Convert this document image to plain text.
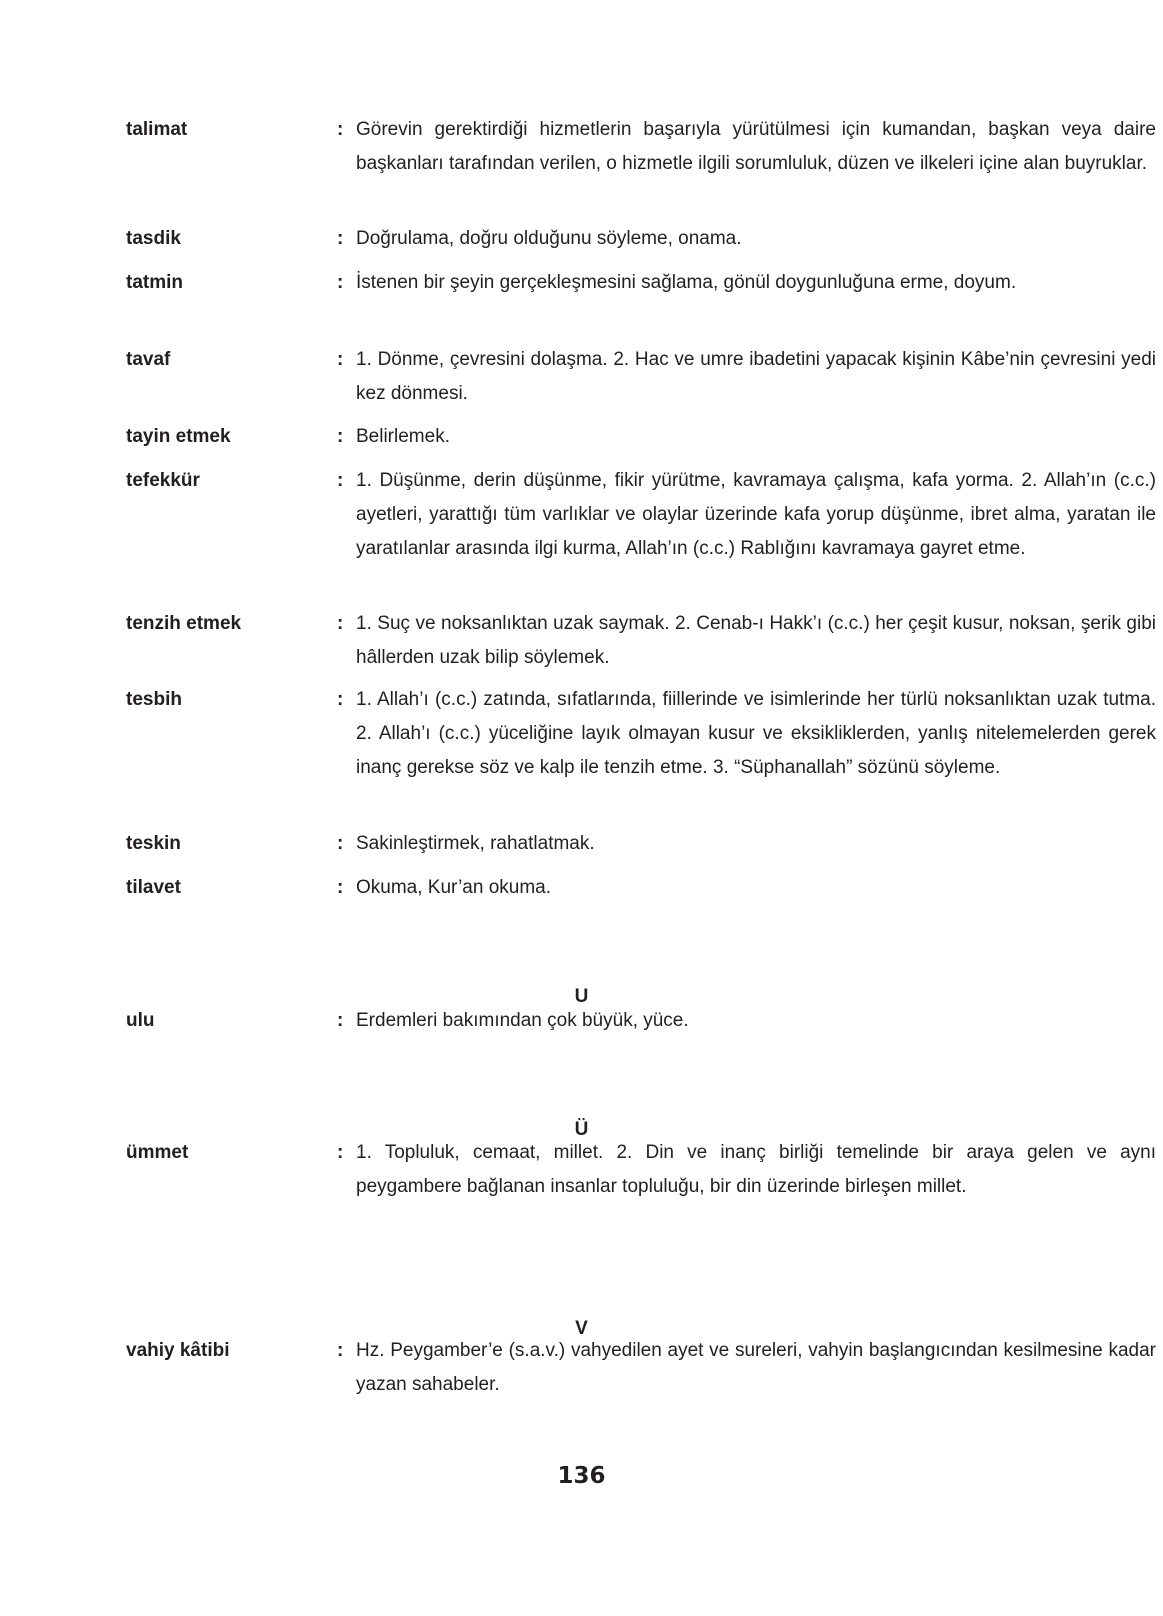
talimat	: Görevin gerektirdiği hizmetlerin başarıyla yürütülmesi için kumandan, başkan veya daire başkanları tarafından verilen, o hizmetle ilgili sorumluluk, düzen ve ilkeleri içine alan buyruklar.
tasdik	: Doğrulama, doğru olduğunu söyleme, onama.
tatmin	: İstenen bir şeyin gerçekleşmesini sağlama, gönül doygunluğuna erme, doyum.
tavaf	: 1. Dönme, çevresini dolaşma. 2. Hac ve umre ibadetini yapacak kişinin Kâbe’nin çevresini yedi kez dönmesi.
tayin etmek	: Belirlemek.
tefekkür	: 1. Düşünme, derin düşünme, fikir yürütme, kavramaya çalışma, kafa yorma. 2. Allah’ın (c.c.) ayetleri, yarattığı tüm varlıklar ve olaylar üzerinde kafa yorup düşünme, ibret alma, yaratan ile yaratılanlar arasında ilgi kurma, Allah’ın (c.c.) Rablığını kavramaya gayret etme.
tenzih etmek	: 1. Suç ve noksanlıktan uzak saymak. 2. Cenab-ı Hakk’ı (c.c.) her çeşit kusur, noksan, şerik gibi hâllerden uzak bilip söylemek.
tesbih	: 1. Allah’ı (c.c.) zatında, sıfatlarında, fiillerinde ve isimlerinde her türlü noksanlıktan uzak tutma. 2. Allah’ı (c.c.) yüceliğine layık olmayan kusur ve eksikliklerden, yanlış nitelemelerden gerek inanç gerekse söz ve kalp ile tenzih etme. 3. “Süphanallah” sözünü söyleme.
teskin	: Sakinleştirmek, rahatlatmak.
tilavet	: Okuma, Kur’an okuma.
U
ulu	: Erdemleri bakımından çok büyük, yüce.
Ü
ümmet	: 1. Topluluk, cemaat, millet. 2. Din ve inanç birliği temelinde bir araya gelen ve aynı peygambere bağlanan insanlar topluluğu, bir din üzerinde birleşen millet.
V
vahiy kâtibi	: Hz. Peygamber’e (s.a.v.) vahyedilen ayet ve sureleri, vahyin başlangıcından kesilmesine kadar yazan sahabeler.
136
